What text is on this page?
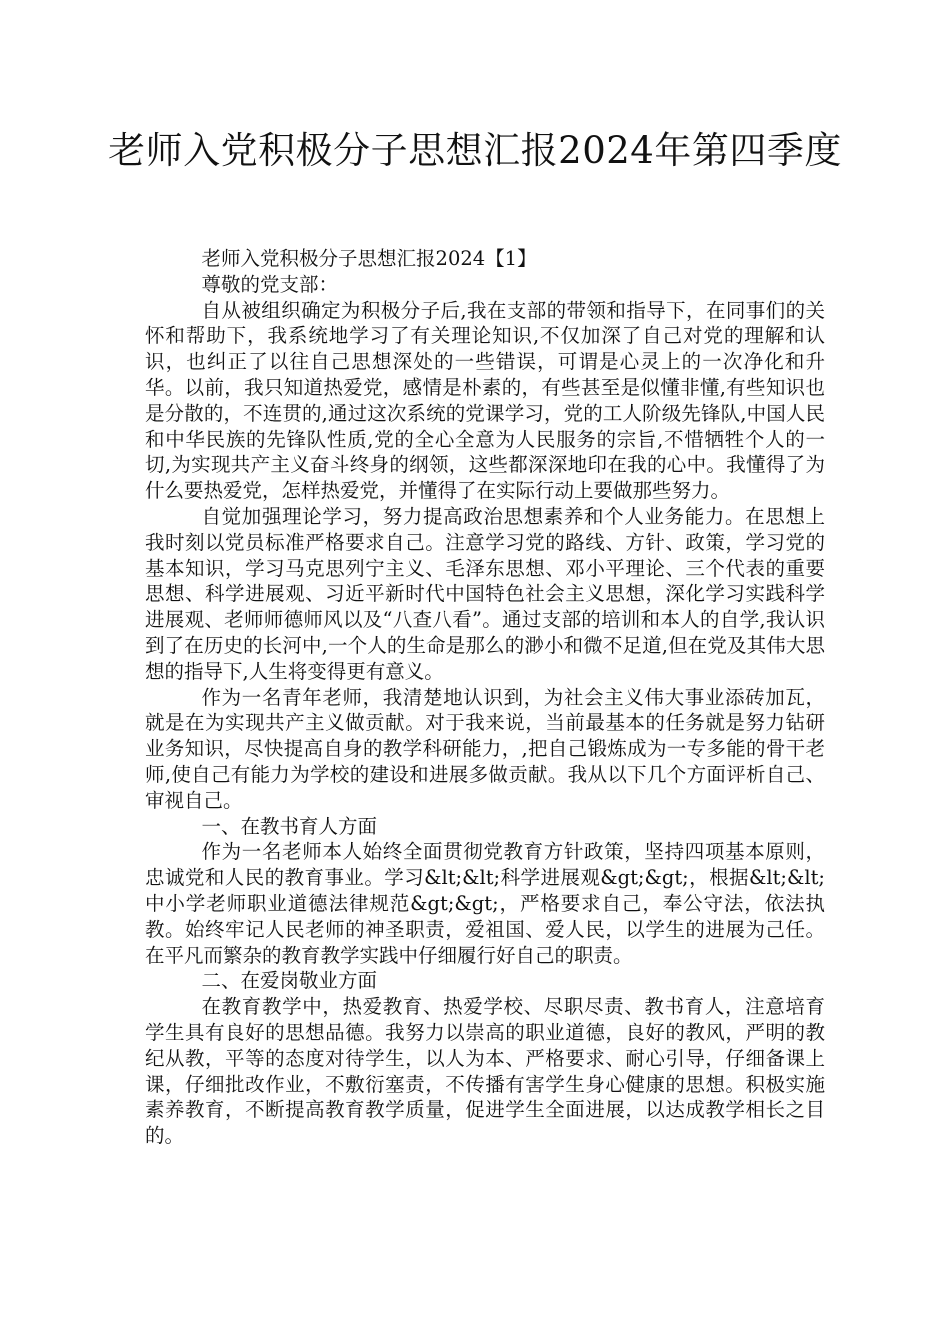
老师入党积极分子思想汇报2024年第四季度

老师入党积极分子思想汇报2024【1】

尊敬的党支部：

自从被组织确定为积极分子后,我在支部的带领和指导下，在同事们的关怀和帮助下，我系统地学习了有关理论知识,不仅加深了自己对党的理解和认识，也纠正了以往自己思想深处的一些错误，可谓是心灵上的一次净化和升华。以前，我只知道热爱党，感情是朴素的，有些甚至是似懂非懂,有些知识也是分散的，不连贯的,通过这次系统的党课学习，党的工人阶级先锋队,中国人民和中华民族的先锋队性质,党的全心全意为人民服务的宗旨,不惜牺牲个人的一切,为实现共产主义奋斗终身的纲领，这些都深深地印在我的心中。我懂得了为什么要热爱党，怎样热爱党，并懂得了在实际行动上要做那些努力。

自觉加强理论学习，努力提高政治思想素养和个人业务能力。在思想上我时刻以党员标准严格要求自己。注意学习党的路线、方针、政策，学习党的基本知识，学习马克思列宁主义、毛泽东思想、邓小平理论、三个代表的重要思想、科学进展观、习近平新时代中国特色社会主义思想，深化学习实践科学进展观、老师师德师风以及“八查八看”。通过支部的培训和本人的自学,我认识到了在历史的长河中,一个人的生命是那么的渺小和微不足道,但在党及其伟大思想的指导下,人生将变得更有意义。

作为一名青年老师，我清楚地认识到，为社会主义伟大事业添砖加瓦，就是在为实现共产主义做贡献。对于我来说，当前最基本的任务就是努力钻研业务知识，尽快提高自身的教学科研能力，,把自己锻炼成为一专多能的骨干老师,使自己有能力为学校的建设和进展多做贡献。我从以下几个方面评析自己、审视自己。

一、在教书育人方面

作为一名老师本人始终全面贯彻党教育方针政策，坚持四项基本原则，忠诚党和人民的教育事业。学习&lt;&lt;科学进展观&gt;&gt;，根据&lt;&lt;中小学老师职业道德法律规范&gt;&gt;，严格要求自己，奉公守法，依法执教。始终牢记人民老师的神圣职责，爱祖国、爱人民，以学生的进展为己任。在平凡而繁杂的教育教学实践中仔细履行好自己的职责。

二、在爱岗敬业方面

在教育教学中，热爱教育、热爱学校、尽职尽责、教书育人，注意培育学生具有良好的思想品德。我努力以崇高的职业道德，良好的教风，严明的教纪从教，平等的态度对待学生，以人为本、严格要求、耐心引导，仔细备课上课，仔细批改作业，不敷衍塞责，不传播有害学生身心健康的思想。积极实施素养教育，不断提高教育教学质量，促进学生全面进展，以达成教学相长之目的。
